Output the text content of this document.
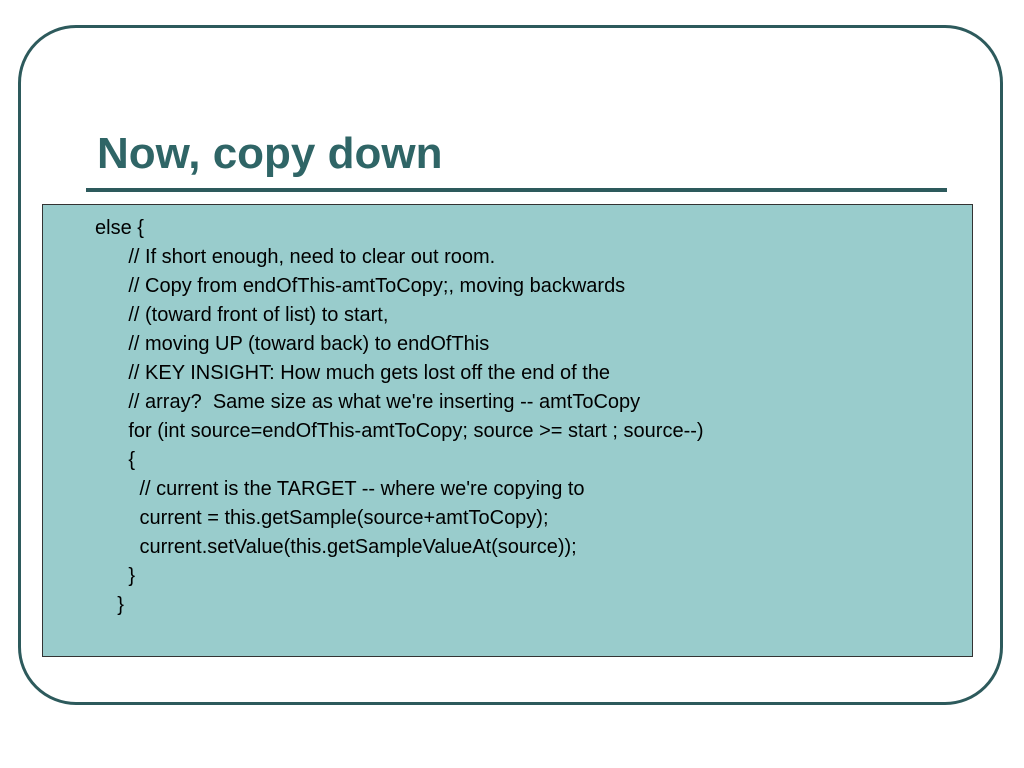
Now, copy down
else {
// If short enough, need to clear out room.
// Copy from endOfThis-amtToCopy;, moving backwards
// (toward front of list) to start,
// moving UP (toward back) to endOfThis
// KEY INSIGHT: How much gets lost off the end of the
// array?  Same size as what we're inserting -- amtToCopy
for (int source=endOfThis-amtToCopy; source >= start ; source--)
{
// current is the TARGET -- where we're copying to
current = this.getSample(source+amtToCopy);
current.setValue(this.getSampleValueAt(source));
}
}
